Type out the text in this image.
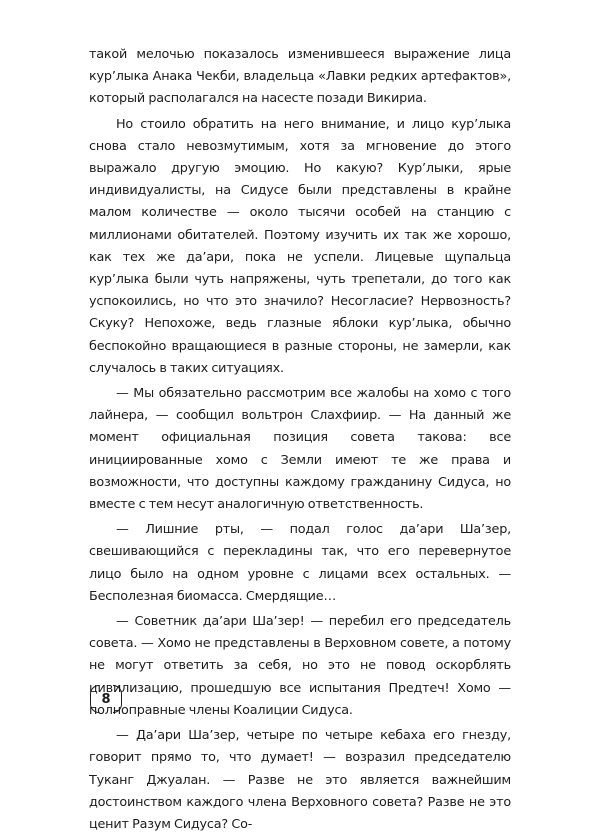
такой мелочью показалось изменившееся выражение лица кур’лыка Анака Чекби, владельца «Лавки редких артефактов», который располагался на насесте позади Викириа.

Но стоило обратить на него внимание, и лицо кур’лыка снова стало невозмутимым, хотя за мгновение до этого выражало другую эмоцию. Но какую? Кур’лыки, ярые индивидуалисты, на Сидусе были представлены в крайне малом количестве — около тысячи особей на станцию с миллионами обитателей. Поэтому изучить их так же хорошо, как тех же да’ари, пока не успели. Лицевые щупальца кур’лыка были чуть напряжены, чуть трепетали, до того как успокоились, но что это значило? Несогласие? Нервозность? Скуку? Непохоже, ведь глазные яблоки кур’лыка, обычно беспокойно вращающиеся в разные стороны, не замерли, как случалось в таких ситуациях.

— Мы обязательно рассмотрим все жалобы на хомо с того лайнера, — сообщил вольтрон Слахфиир. — На данный же момент официальная позиция совета такова: все инициированные хомо с Земли имеют те же права и возможности, что доступны каждому гражданину Сидуса, но вместе с тем несут аналогичную ответственность.

— Лишние рты, — подал голос да’ари Ша’зер, свешивающийся с перекладины так, что его перевернутое лицо было на одном уровне с лицами всех остальных. — Бесполезная биомасса. Смердящие…

— Советник да’ари Ша’зер! — перебил его председатель совета. — Хомо не представлены в Верховном совете, а потому не могут ответить за себя, но это не повод оскорблять цивилизацию, прошедшую все испытания Предтеч! Хомо — полноправные члены Коалиции Сидуса.

— Да’ари Ша’зер, четыре по четыре кебаха его гнезду, говорит прямо то, что думает! — возразил председателю Туканг Джуалан. — Разве не это является важнейшим достоинством каждого члена Верховного совета? Разве не это ценит Разум Сидуса? Со-

8
